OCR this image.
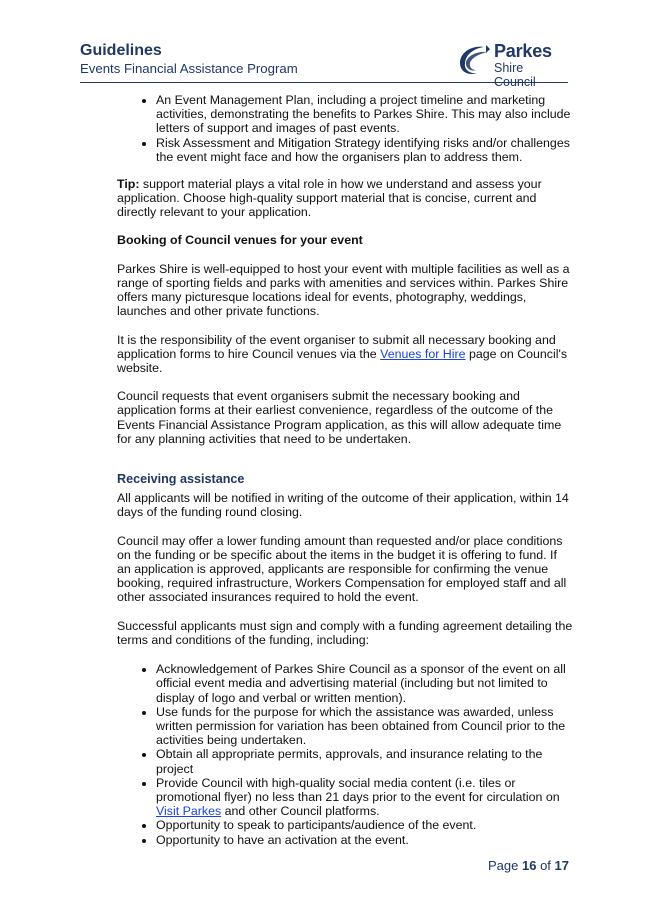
Guidelines
Events Financial Assistance Program
Parkes
Shire Council
• An Event Management Plan, including a project timeline and marketing activities, demonstrating the benefits to Parkes Shire. This may also include letters of support and images of past events.
• Risk Assessment and Mitigation Strategy identifying risks and/or challenges the event might face and how the organisers plan to address them.

Tip: support material plays a vital role in how we understand and assess your application. Choose high-quality support material that is concise, current and directly relevant to your application.

Booking of Council venues for your event

Parkes Shire is well-equipped to host your event with multiple facilities as well as a range of sporting fields and parks with amenities and services within. Parkes Shire offers many picturesque locations ideal for events, photography, weddings, launches and other private functions.

It is the responsibility of the event organiser to submit all necessary booking and application forms to hire Council venues via the Venues for Hire page on Council's website.

Council requests that event organisers submit the necessary booking and application forms at their earliest convenience, regardless of the outcome of the Events Financial Assistance Program application, as this will allow adequate time for any planning activities that need to be undertaken.

Receiving assistance

All applicants will be notified in writing of the outcome of their application, within 14 days of the funding round closing.

Council may offer a lower funding amount than requested and/or place conditions on the funding or be specific about the items in the budget it is offering to fund. If an application is approved, applicants are responsible for confirming the venue booking, required infrastructure, Workers Compensation for employed staff and all other associated insurances required to hold the event.

Successful applicants must sign and comply with a funding agreement detailing the terms and conditions of the funding, including:

• Acknowledgement of Parkes Shire Council as a sponsor of the event on all official event media and advertising material (including but not limited to display of logo and verbal or written mention).
• Use funds for the purpose for which the assistance was awarded, unless written permission for variation has been obtained from Council prior to the activities being undertaken.
• Obtain all appropriate permits, approvals, and insurance relating to the project
• Provide Council with high-quality social media content (i.e. tiles or promotional flyer) no less than 21 days prior to the event for circulation on Visit Parkes and other Council platforms.
• Opportunity to speak to participants/audience of the event.
• Opportunity to have an activation at the event.
Page 16 of 17
